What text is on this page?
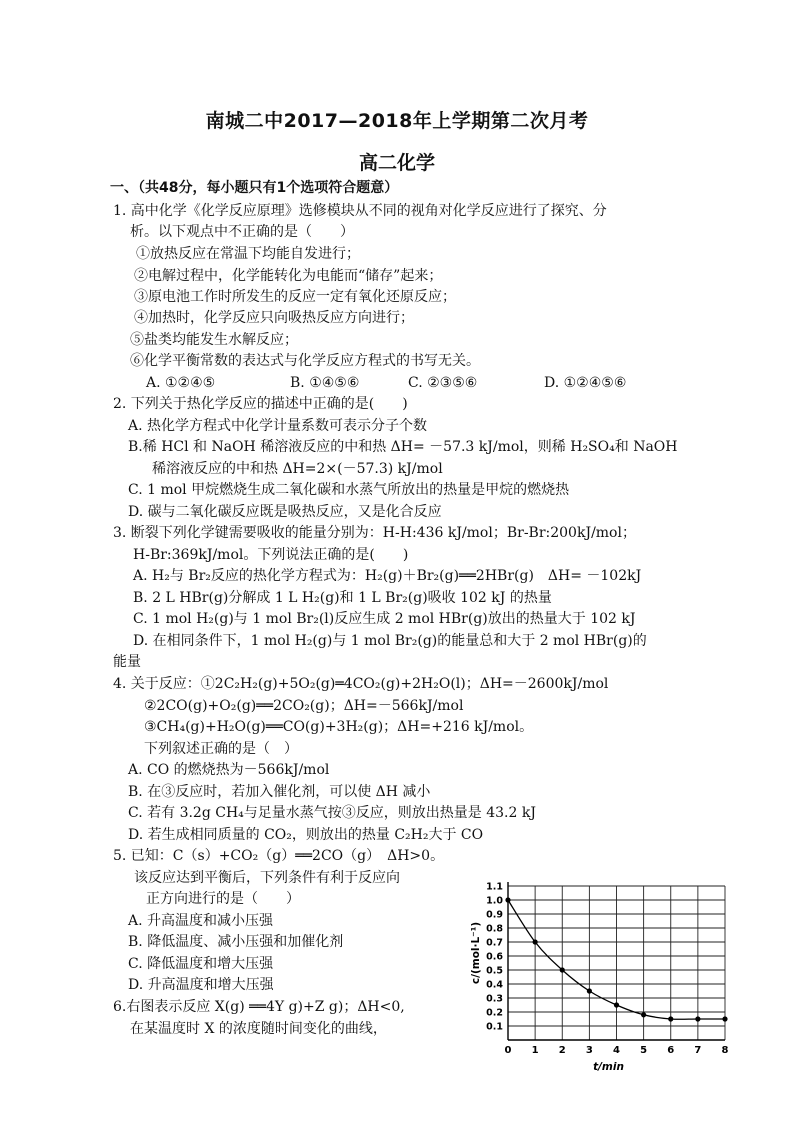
南城二中2017—2018年上学期第二次月考
高二化学
一、（共48分，每小题只有1个选项符合题意）
1. 高中化学《化学反应原理》选修模块从不同的视角对化学反应进行了探究、分
析。以下观点中不正确的是（　　）
①放热反应在常温下均能自发进行；
②电解过程中，化学能转化为电能而“储存”起来；
③原电池工作时所发生的反应一定有氧化还原反应；
④加热时，化学反应只向吸热反应方向进行；
⑤盐类均能发生水解反应；
⑥化学平衡常数的表达式与化学反应方程式的书写无关。
A. ①②④⑤	B. ①④⑤⑥	C. ②③⑤⑥	D. ①②④⑤⑥
2. 下列关于热化学反应的描述中正确的是(　　)
A. 热化学方程式中化学计量系数可表示分子个数
B.稀 HCl 和 NaOH 稀溶液反应的中和热 ΔH= －57.3 kJ/mol，则稀 H₂SO₄和 NaOH
稀溶液反应的中和热 ΔH=2×(－57.3) kJ/mol
C. 1 mol 甲烷燃烧生成二氧化碳和水蒸气所放出的热量是甲烷的燃烧热
D. 碳与二氧化碳反应既是吸热反应，又是化合反应
3. 断裂下列化学键需要吸收的能量分别为：H-H:436 kJ/mol；Br-Br:200kJ/mol；
H-Br:369kJ/mol。下列说法正确的是(　　)
A. H₂与 Br₂反应的热化学方程式为：H₂(g)＋Br₂(g)══2HBr(g)　ΔH= －102kJ
B. 2 L HBr(g)分解成 1 L H₂(g)和 1 L Br₂(g)吸收 102 kJ 的热量
C. 1 mol H₂(g)与 1 mol Br₂(l)反应生成 2 mol HBr(g)放出的热量大于 102 kJ
D. 在相同条件下，1 mol H₂(g)与 1 mol Br₂(g)的能量总和大于 2 mol HBr(g)的
能量
4. 关于反应：①2C₂H₂(g)+5O₂(g)═4CO₂(g)+2H₂O(l)；ΔH=－2600kJ/mol
②2CO(g)+O₂(g)══2CO₂(g)；ΔH=－566kJ/mol
③CH₄(g)+H₂O(g)══CO(g)+3H₂(g)；ΔH=+216 kJ/mol。
下列叙述正确的是（　）
A. CO 的燃烧热为－566kJ/mol
B. 在③反应时，若加入催化剂，可以使 ΔH 减小
C. 若有 3.2g CH₄与足量水蒸气按③反应，则放出热量是 43.2 kJ
D. 若生成相同质量的 CO₂，则放出的热量 C₂H₂大于 CO
5. 已知：C（s）+CO₂（g）══2CO（g）　ΔH>0。
该反应达到平衡后，下列条件有利于反应向
正方向进行的是（　　）
A. 升高温度和减小压强
B. 降低温度、减小压强和加催化剂
C. 降低温度和增大压强
D. 升高温度和增大压强
6.右图表示反应 X(g) ══4Y g)+Z g)；ΔH<0,
在某温度时 X 的浓度随时间变化的曲线，
0 1 2 3 4 5 6 7 8
0.1
0.2
0.3
0.4
0.5
0.6
0.7
0.8
0.9
1.0
1.1
t/min
c/(mol·L⁻¹)
